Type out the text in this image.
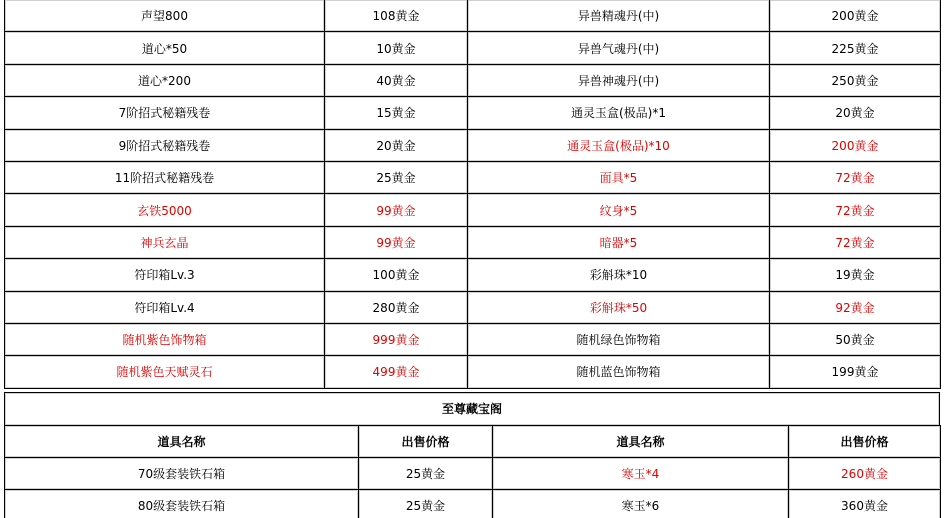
声望800	108黄金	异兽精魂丹(中)	200黄金
道心*50	10黄金	异兽气魂丹(中)	225黄金
道心*200	40黄金	异兽神魂丹(中)	250黄金
7阶招式秘籍残卷	15黄金	通灵玉盒(极品)*1	20黄金
9阶招式秘籍残卷	20黄金	通灵玉盒(极品)*10	200黄金
11阶招式秘籍残卷	25黄金	面具*5	72黄金
玄铁5000	99黄金	纹身*5	72黄金
神兵玄晶	99黄金	暗器*5	72黄金
符印箱Lv.3	100黄金	彩斛珠*10	19黄金
符印箱Lv.4	280黄金	彩斛珠*50	92黄金
随机紫色饰物箱	999黄金	随机绿色饰物箱	50黄金
随机紫色天赋灵石	499黄金	随机蓝色饰物箱	199黄金
至尊藏宝阁
道具名称	出售价格	道具名称	出售价格
70级套装铁石箱	25黄金	寒玉*4	260黄金
80级套装铁石箱	25黄金	寒玉*6	360黄金
